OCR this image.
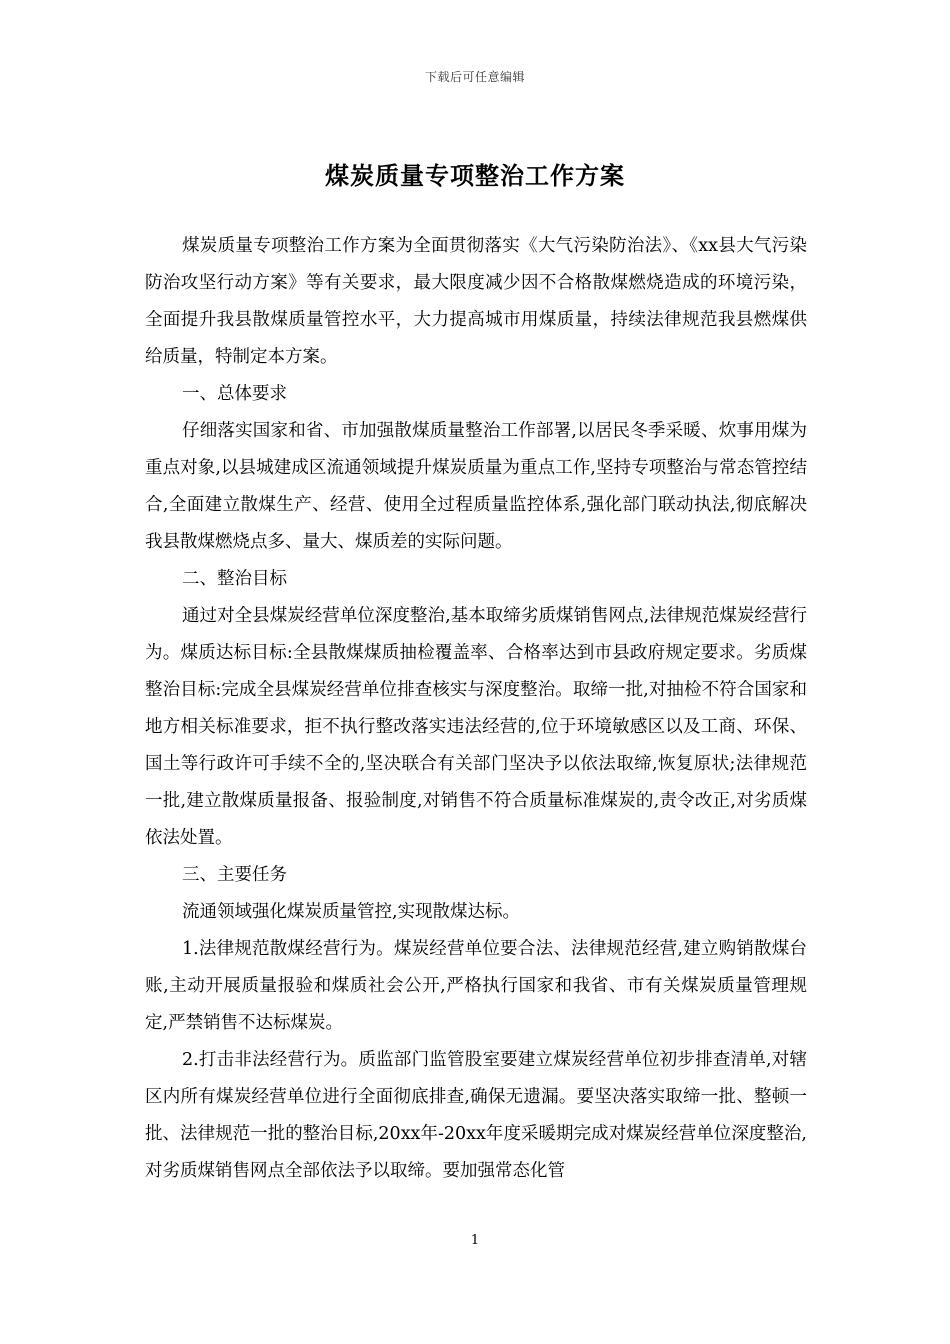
下载后可任意编辑
煤炭质量专项整治工作方案

煤炭质量专项整治工作方案为全面贯彻落实《大气污染防治法》、《xx县大气污染防治攻坚行动方案》等有关要求，最大限度减少因不合格散煤燃烧造成的环境污染，全面提升我县散煤质量管控水平，大力提高城市用煤质量，持续法律规范我县燃煤供给质量，特制定本方案。

一、总体要求

仔细落实国家和省、市加强散煤质量整治工作部署,以居民冬季采暖、炊事用煤为重点对象,以县城建成区流通领域提升煤炭质量为重点工作,坚持专项整治与常态管控结合,全面建立散煤生产、经营、使用全过程质量监控体系,强化部门联动执法,彻底解决我县散煤燃烧点多、量大、煤质差的实际问题。

二、整治目标

通过对全县煤炭经营单位深度整治,基本取缔劣质煤销售网点,法律规范煤炭经营行为。煤质达标目标:全县散煤煤质抽检覆盖率、合格率达到市县政府规定要求。劣质煤整治目标:完成全县煤炭经营单位排查核实与深度整治。取缔一批,对抽检不符合国家和地方相关标准要求，拒不执行整改落实违法经营的,位于环境敏感区以及工商、环保、国土等行政许可手续不全的,坚决联合有关部门坚决予以依法取缔,恢复原状;法律规范一批,建立散煤质量报备、报验制度,对销售不符合质量标准煤炭的,责令改正,对劣质煤依法处置。

三、主要任务

流通领域强化煤炭质量管控,实现散煤达标。

1.法律规范散煤经营行为。煤炭经营单位要合法、法律规范经营,建立购销散煤台账,主动开展质量报验和煤质社会公开,严格执行国家和我省、市有关煤炭质量管理规定,严禁销售不达标煤炭。

2.打击非法经营行为。质监部门监管股室要建立煤炭经营单位初步排查清单,对辖区内所有煤炭经营单位进行全面彻底排查,确保无遗漏。要坚决落实取缔一批、整顿一批、法律规范一批的整治目标,20xx年-20xx年度采暖期完成对煤炭经营单位深度整治,对劣质煤销售网点全部依法予以取缔。要加强常态化管

1
